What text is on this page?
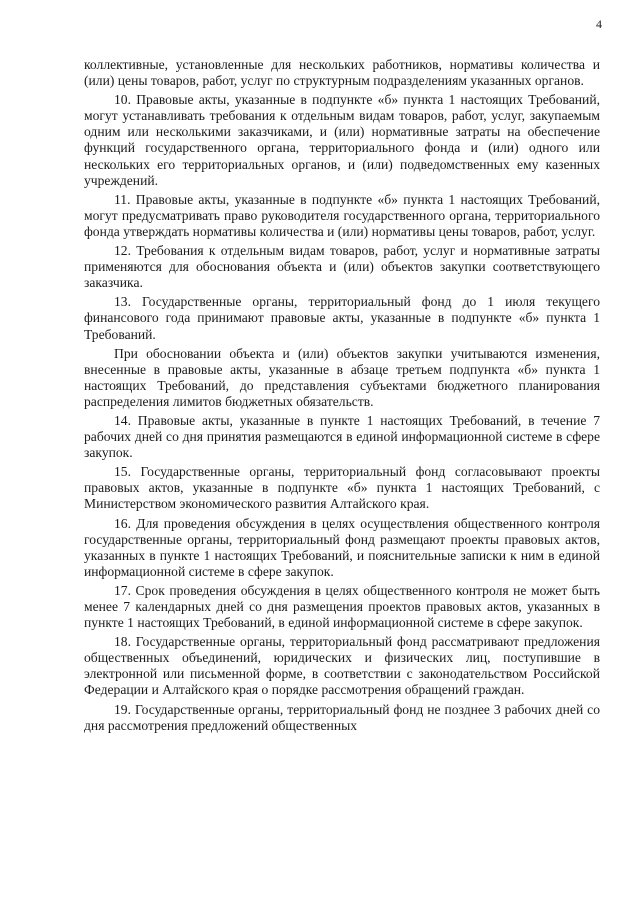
4

коллективные, установленные для нескольких работников, нормативы количества и (или) цены товаров, работ, услуг по структурным подразделениям указанных органов.

10. Правовые акты, указанные в подпункте «б» пункта 1 настоящих Требований, могут устанавливать требования к отдельным видам товаров, работ, услуг, закупаемым одним или несколькими заказчиками, и (или) нормативные затраты на обеспечение функций государственного органа, территориального фонда и (или) одного или нескольких его территориальных органов, и (или) подведомственных ему казенных учреждений.

11. Правовые акты, указанные в подпункте «б» пункта 1 настоящих Требований, могут предусматривать право руководителя государственного органа, территориального фонда утверждать нормативы количества и (или) нормативы цены товаров, работ, услуг.

12. Требования к отдельным видам товаров, работ, услуг и нормативные затраты применяются для обоснования объекта и (или) объектов закупки соответствующего заказчика.

13. Государственные органы, территориальный фонд до 1 июля текущего финансового года принимают правовые акты, указанные в подпункте «б» пункта 1 Требований.

При обосновании объекта и (или) объектов закупки учитываются изменения, внесенные в правовые акты, указанные в абзаце третьем подпункта «б» пункта 1 настоящих Требований, до представления субъектами бюджетного планирования распределения лимитов бюджетных обязательств.

14. Правовые акты, указанные в пункте 1 настоящих Требований, в течение 7 рабочих дней со дня принятия размещаются в единой информационной системе в сфере закупок.

15. Государственные органы, территориальный фонд согласовывают проекты правовых актов, указанные в подпункте «б» пункта 1 настоящих Требований, с Министерством экономического развития Алтайского края.

16. Для проведения обсуждения в целях осуществления общественного контроля государственные органы, территориальный фонд размещают проекты правовых актов, указанных в пункте 1 настоящих Требований, и пояснительные записки к ним в единой информационной системе в сфере закупок.

17. Срок проведения обсуждения в целях общественного контроля не может быть менее 7 календарных дней со дня размещения проектов правовых актов, указанных в пункте 1 настоящих Требований, в единой информационной системе в сфере закупок.

18. Государственные органы, территориальный фонд рассматривают предложения общественных объединений, юридических и физических лиц, поступившие в электронной или письменной форме, в соответствии с законодательством Российской Федерации и Алтайского края о порядке рассмотрения обращений граждан.

19. Государственные органы, территориальный фонд не позднее 3 рабочих дней со дня рассмотрения предложений общественных
